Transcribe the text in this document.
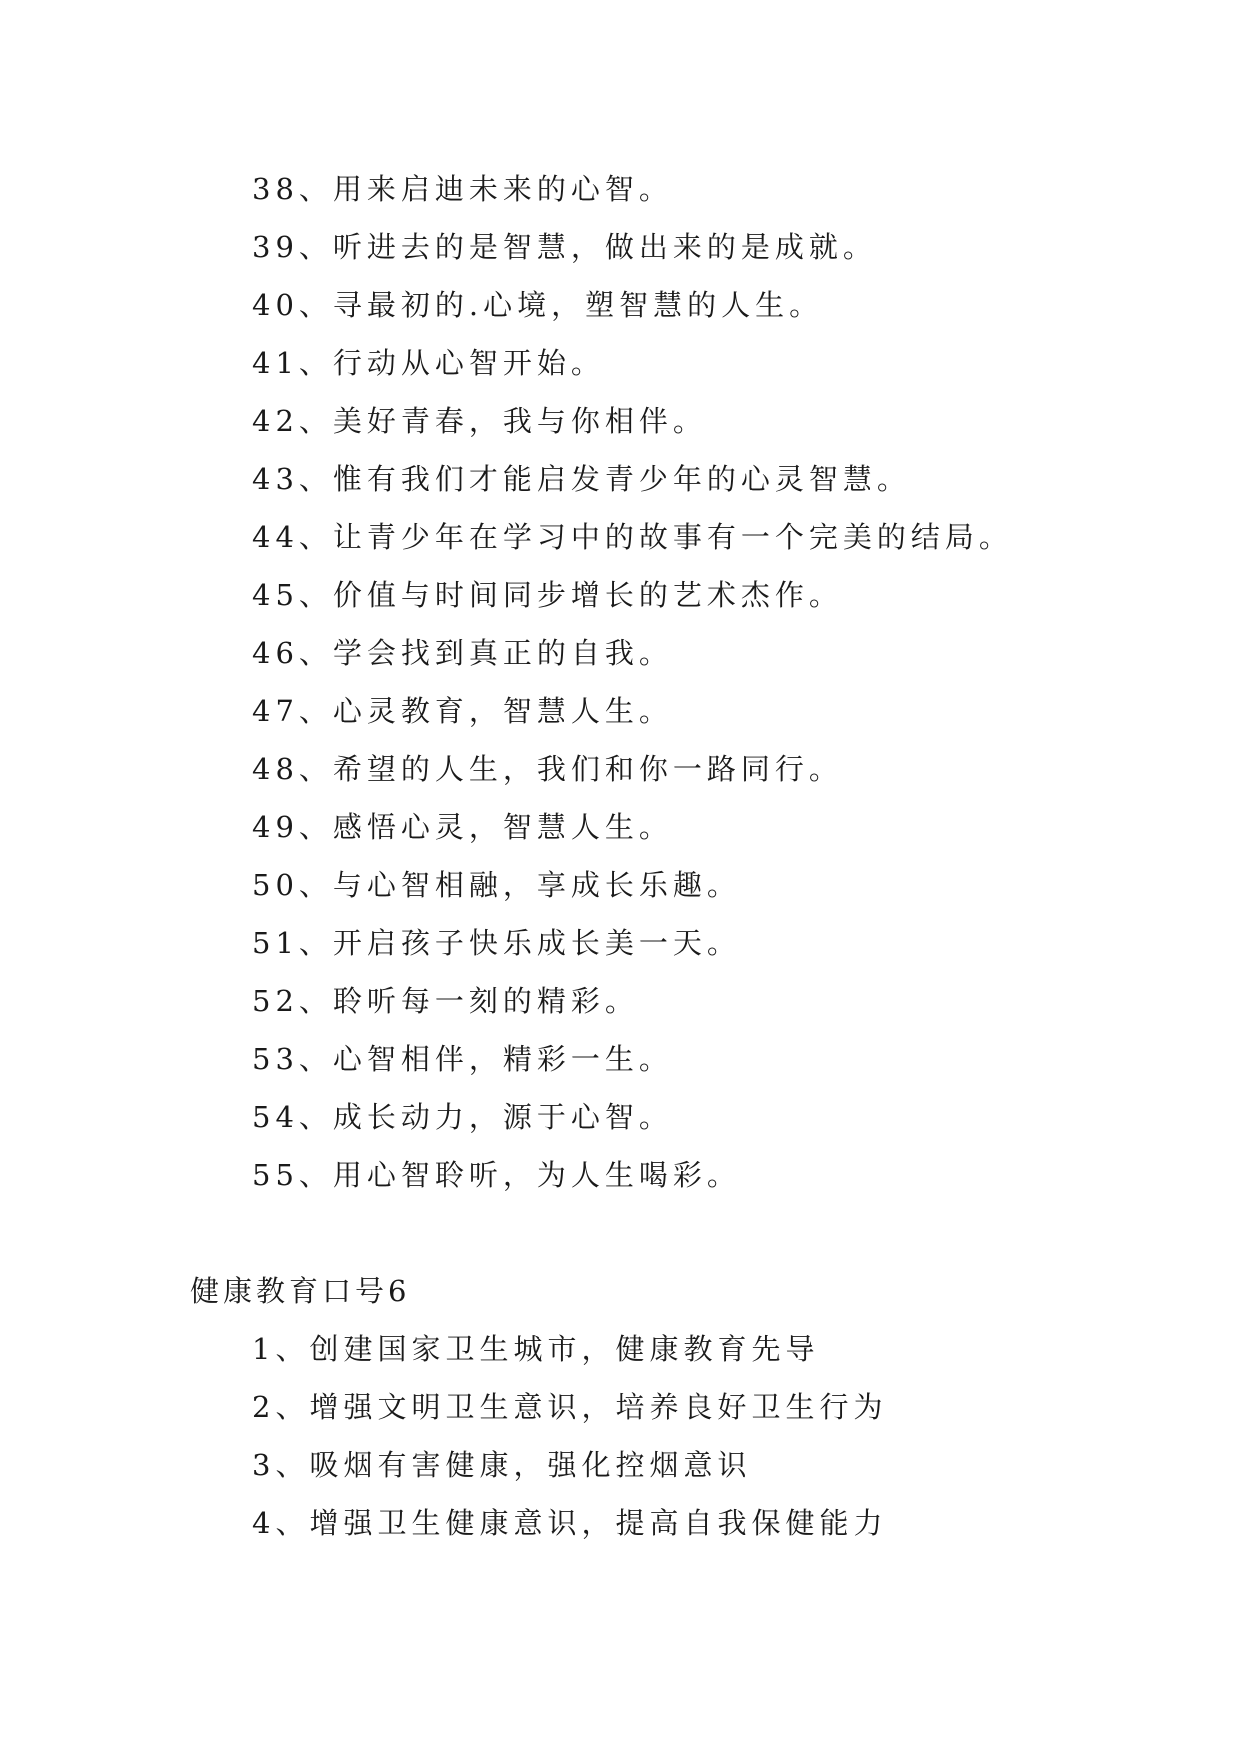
38、用来启迪未来的心智。
39、听进去的是智慧，做出来的是成就。
40、寻最初的.心境，塑智慧的人生。
41、行动从心智开始。
42、美好青春，我与你相伴。
43、惟有我们才能启发青少年的心灵智慧。
44、让青少年在学习中的故事有一个完美的结局。
45、价值与时间同步增长的艺术杰作。
46、学会找到真正的自我。
47、心灵教育，智慧人生。
48、希望的人生，我们和你一路同行。
49、感悟心灵，智慧人生。
50、与心智相融，享成长乐趣。
51、开启孩子快乐成长美一天。
52、聆听每一刻的精彩。
53、心智相伴，精彩一生。
54、成长动力，源于心智。
55、用心智聆听，为人生喝彩。
健康教育口号6
1、创建国家卫生城市，健康教育先导
2、增强文明卫生意识，培养良好卫生行为
3、吸烟有害健康，强化控烟意识
4、增强卫生健康意识，提高自我保健能力
